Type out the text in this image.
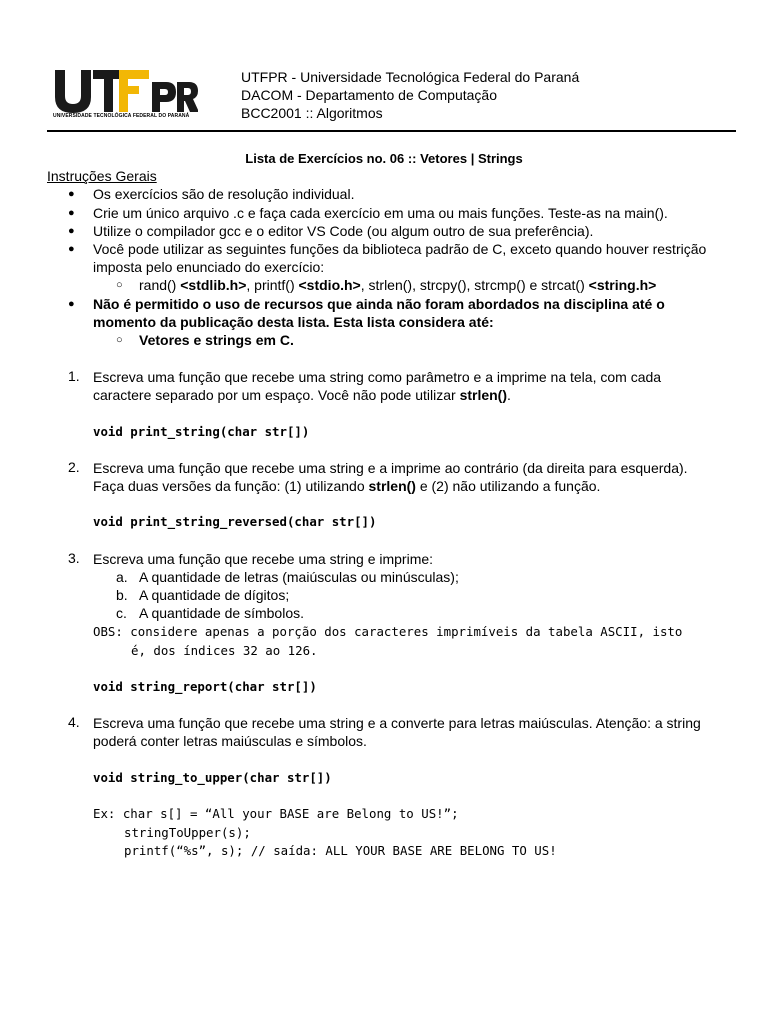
UNIVERSIDADE TECNOLÓGICA FEDERAL DO PARANÁ
UTFPR - Universidade Tecnológica Federal do Paraná
DACOM - Departamento de Computação
BCC2001 :: Algoritmos
Lista de Exercícios no. 06 :: Vetores | Strings
Instruções Gerais
● Os exercícios são de resolução individual.
● Crie um único arquivo .c e faça cada exercício em uma ou mais funções. Teste-as na main().
● Utilize o compilador gcc e o editor VS Code (ou algum outro de sua preferência).
● Você pode utilizar as seguintes funções da biblioteca padrão de C, exceto quando houver restrição
imposta pelo enunciado do exercício:
○ rand() <stdlib.h>, printf() <stdio.h>, strlen(), strcpy(), strcmp() e strcat() <string.h>
● Não é permitido o uso de recursos que ainda não foram abordados na disciplina até o
momento da publicação desta lista. Esta lista considera até:
○ Vetores e strings em C.
1. Escreva uma função que recebe uma string como parâmetro e a imprime na tela, com cada
caractere separado por um espaço. Você não pode utilizar strlen().
void print_string(char str[])
2. Escreva uma função que recebe uma string e a imprime ao contrário (da direita para esquerda).
Faça duas versões da função: (1) utilizando strlen() e (2) não utilizando a função.
void print_string_reversed(char str[])
3. Escreva uma função que recebe uma string e imprime:
a. A quantidade de letras (maiúsculas ou minúsculas);
b. A quantidade de dígitos;
c. A quantidade de símbolos.
OBS: considere apenas a porção dos caracteres imprimíveis da tabela ASCII, isto
é, dos índices 32 ao 126.
void string_report(char str[])
4. Escreva uma função que recebe uma string e a converte para letras maiúsculas. Atenção: a string
poderá conter letras maiúsculas e símbolos.
void string_to_upper(char str[])
Ex: char s[] = “All your BASE are Belong to US!”;
stringToUpper(s);
printf(“%s”, s); // saída: ALL YOUR BASE ARE BELONG TO US!
